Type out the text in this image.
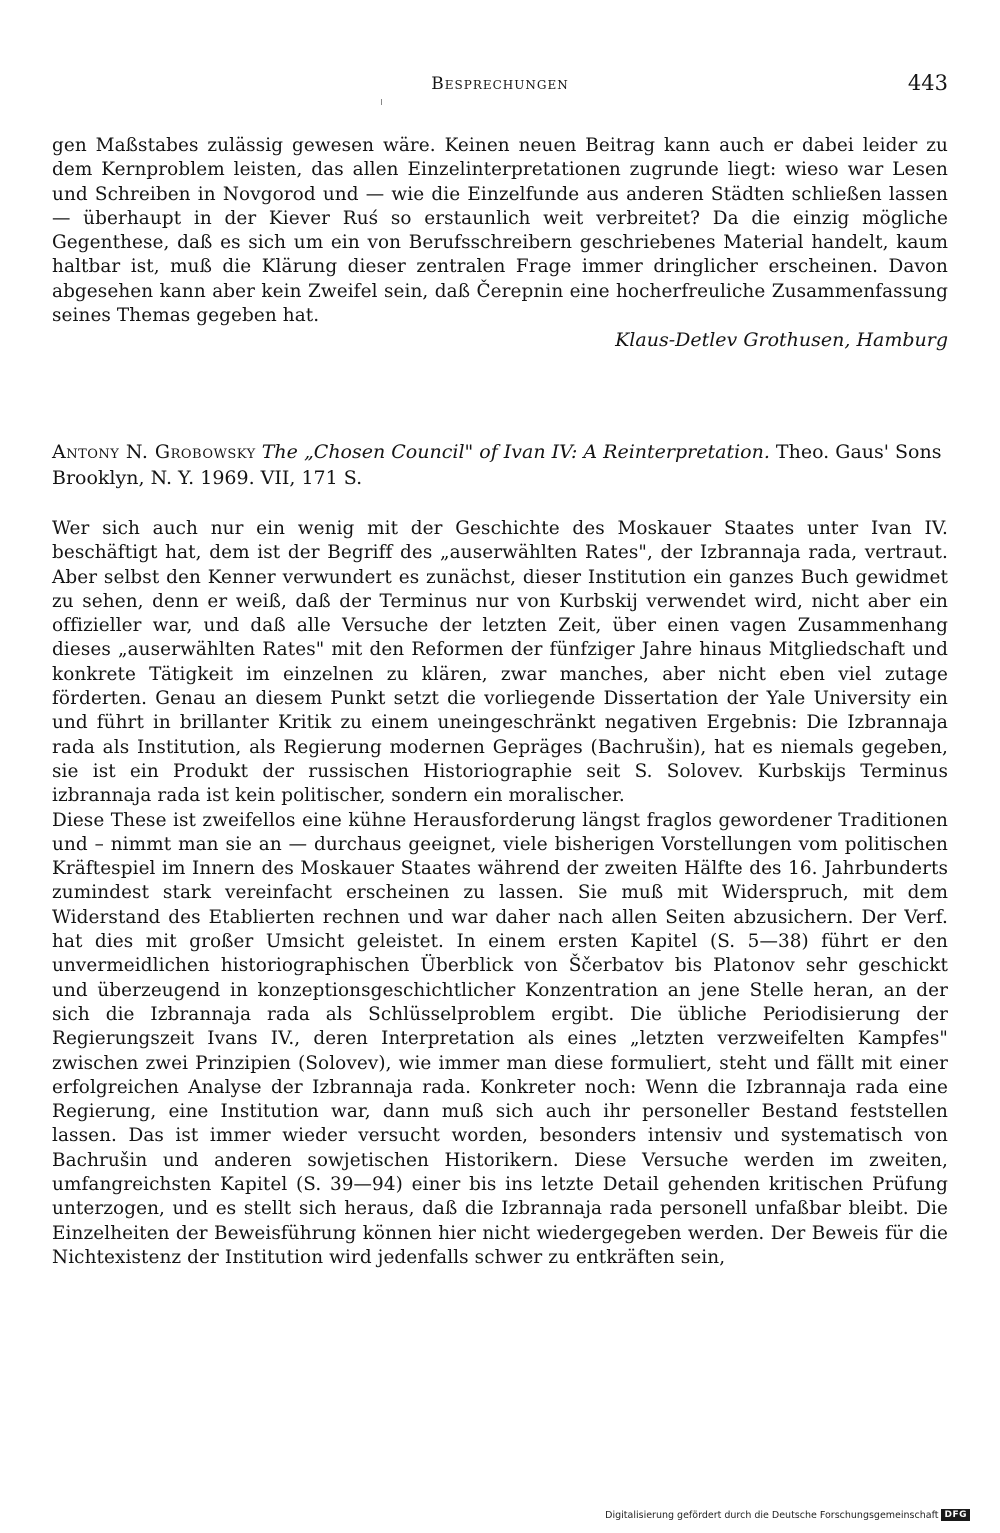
Besprechungen	443

gen Maßstabes zulässig gewesen wäre. Keinen neuen Beitrag kann auch er dabei leider zu dem Kernproblem leisten, das allen Einzelinterpretationen zugrunde liegt: wieso war Lesen und Schreiben in Novgorod und — wie die Einzelfunde aus anderen Städten schließen lassen — überhaupt in der Kiever Ruś so erstaunlich weit verbreitet? Da die einzig mögliche Gegenthese, daß es sich um ein von Berufsschreibern geschriebenes Material handelt, kaum haltbar ist, muß die Klärung dieser zentralen Frage immer dringlicher erscheinen. Davon abgesehen kann aber kein Zweifel sein, daß Čerepnin eine hocherfreuliche Zusammenfassung seines Themas gegeben hat.

Klaus-Detlev Grothusen, Hamburg

Antony N. Grobowsky The „Chosen Council" of Ivan IV: A Reinterpretation. Theo. Gaus' Sons Brooklyn, N. Y. 1969. VII, 171 S.

Wer sich auch nur ein wenig mit der Geschichte des Moskauer Staates unter Ivan IV. beschäftigt hat, dem ist der Begriff des „auserwählten Rates", der Izbrannaja rada, vertraut. Aber selbst den Kenner verwundert es zunächst, dieser Institution ein ganzes Buch gewidmet zu sehen, denn er weiß, daß der Terminus nur von Kurbskij verwendet wird, nicht aber ein offizieller war, und daß alle Versuche der letzten Zeit, über einen vagen Zusammenhang dieses „auserwählten Rates" mit den Reformen der fünfziger Jahre hinaus Mitgliedschaft und konkrete Tätigkeit im einzelnen zu klären, zwar manches, aber nicht eben viel zutage förderten. Genau an diesem Punkt setzt die vorliegende Dissertation der Yale University ein und führt in brillanter Kritik zu einem uneingeschränkt negativen Ergebnis: Die Izbrannaja rada als Institution, als Regierung modernen Gepräges (Bachrušin), hat es niemals gegeben, sie ist ein Produkt der russischen Historiographie seit S. Solovev. Kurbskijs Terminus izbrannaja rada ist kein politischer, sondern ein moralischer.

Diese These ist zweifellos eine kühne Herausforderung längst fraglos gewordener Traditionen und – nimmt man sie an — durchaus geeignet, viele bisherigen Vorstellungen vom politischen Kräftespiel im Innern des Moskauer Staates während der zweiten Hälfte des 16. Jahrbunderts zumindest stark vereinfacht erscheinen zu lassen. Sie muß mit Widerspruch, mit dem Widerstand des Etablierten rechnen und war daher nach allen Seiten abzusichern. Der Verf. hat dies mit großer Umsicht geleistet. In einem ersten Kapitel (S. 5—38) führt er den unvermeidlichen historiographischen Überblick von Ščerbatov bis Platonov sehr geschickt und überzeugend in konzeptionsgeschichtlicher Konzentration an jene Stelle heran, an der sich die Izbrannaja rada als Schlüsselproblem ergibt. Die übliche Periodisierung der Regierungszeit Ivans IV., deren Interpretation als eines „letzten verzweifelten Kampfes" zwischen zwei Prinzipien (Solovev), wie immer man diese formuliert, steht und fällt mit einer erfolgreichen Analyse der Izbrannaja rada. Konkreter noch: Wenn die Izbrannaja rada eine Regierung, eine Institution war, dann muß sich auch ihr personeller Bestand feststellen lassen. Das ist immer wieder versucht worden, besonders intensiv und systematisch von Bachrušin und anderen sowjetischen Historikern. Diese Versuche werden im zweiten, umfangreichsten Kapitel (S. 39—94) einer bis ins letzte Detail gehenden kritischen Prüfung unterzogen, und es stellt sich heraus, daß die Izbrannaja rada personell unfaßbar bleibt. Die Einzelheiten der Beweisführung können hier nicht wiedergegeben werden. Der Beweis für die Nichtexistenz der Institution wird jedenfalls schwer zu entkräften sein,

Digitalisierung gefördert durch die Deutsche Forschungsgemeinschaft DFG
